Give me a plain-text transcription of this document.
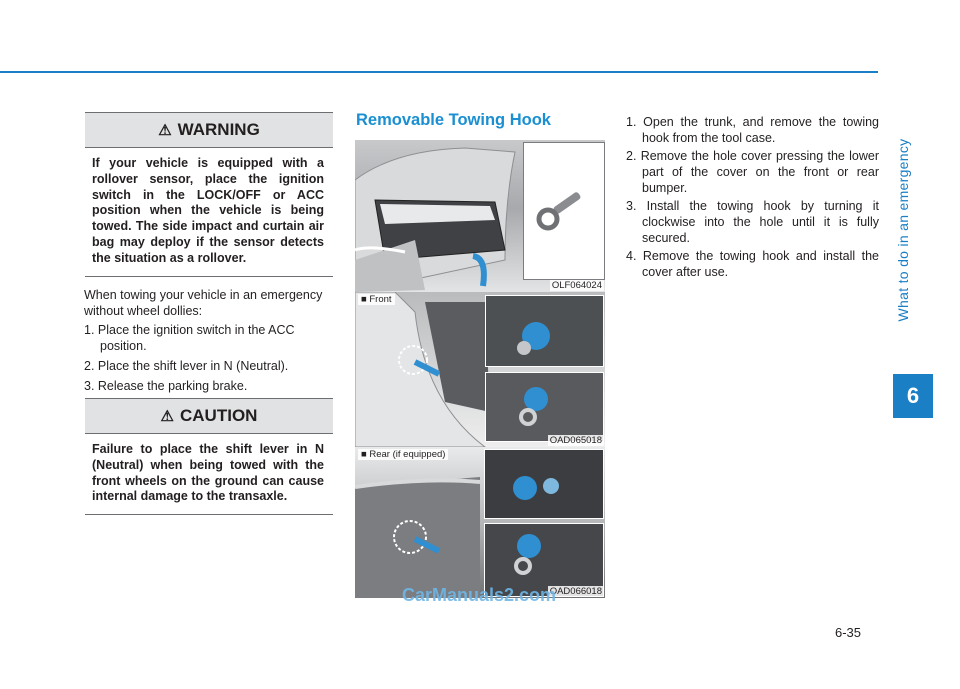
What to do in an emergency
6
⚠ WARNING
If your vehicle is equipped with a rollover sensor, place the ignition switch in the LOCK/OFF or ACC position when the vehicle is being towed. The side impact and curtain air bag may deploy if the sensor detects the situation as a rollover.

When towing your vehicle in an emergency without wheel dollies:

1. Place the ignition switch in the ACC position.
2. Place the shift lever in N (Neutral).
3. Release the parking brake.
⚠ CAUTION
Failure to place the shift lever in N (Neutral) when being towed with the front wheels on the ground can cause internal damage to the transaxle.
Removable Towing Hook
OLF064024
■ Front
OAD065018
■ Rear (if equipped)
OAD066018
1. Open the trunk, and remove the towing hook from the tool case.
2. Remove the hole cover pressing the lower part of the cover on the front or rear bumper.
3. Install the towing hook by turning it clockwise into the hole until it is fully secured.
4. Remove the towing hook and install the cover after use.
6-35
CarManuals2.com
